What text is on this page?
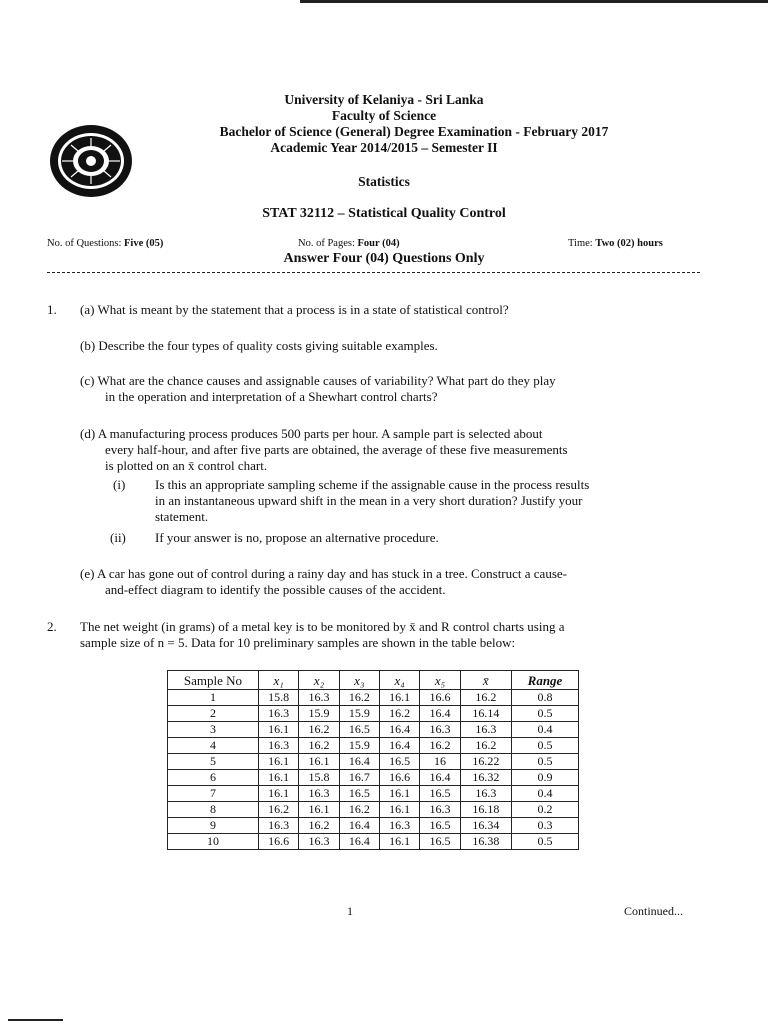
University of Kelaniya - Sri Lanka
Faculty of Science
Bachelor of Science (General) Degree Examination - February 2017
Academic Year 2014/2015 – Semester II
Statistics
STAT 32112 – Statistical Quality Control
No. of Questions: Five (05)	No. of Pages: Four (04)	Time: Two (02) hours
Answer Four (04) Questions Only
1. (a) What is meant by the statement that a process is in a state of statistical control?
(b) Describe the four types of quality costs giving suitable examples.
(c) What are the chance causes and assignable causes of variability? What part do they play
in the operation and interpretation of a Shewhart control charts?
(d) A manufacturing process produces 500 parts per hour. A sample part is selected about
every half-hour, and after five parts are obtained, the average of these five measurements
is plotted on an x̄ control chart.
(i) Is this an appropriate sampling scheme if the assignable cause in the process results
in an instantaneous upward shift in the mean in a very short duration? Justify your
statement.
(ii) If your answer is no, propose an alternative procedure.
(e) A car has gone out of control during a rainy day and has stuck in a tree. Construct a cause-
and-effect diagram to identify the possible causes of the accident.
2. The net weight (in grams) of a metal key is to be monitored by x̄ and R control charts using a
sample size of n = 5. Data for 10 preliminary samples are shown in the table below:
Sample No	x₁	x₂	x₃	x₄	x₅	x̄	Range
1	15.8	16.3	16.2	16.1	16.6	16.2	0.8
2	16.3	15.9	15.9	16.2	16.4	16.14	0.5
3	16.1	16.2	16.5	16.4	16.3	16.3	0.4
4	16.3	16.2	15.9	16.4	16.2	16.2	0.5
5	16.1	16.1	16.4	16.5	16	16.22	0.5
6	16.1	15.8	16.7	16.6	16.4	16.32	0.9
7	16.1	16.3	16.5	16.1	16.5	16.3	0.4
8	16.2	16.1	16.2	16.1	16.3	16.18	0.2
9	16.3	16.2	16.4	16.3	16.5	16.34	0.3
10	16.6	16.3	16.4	16.1	16.5	16.38	0.5
1	Continued...
